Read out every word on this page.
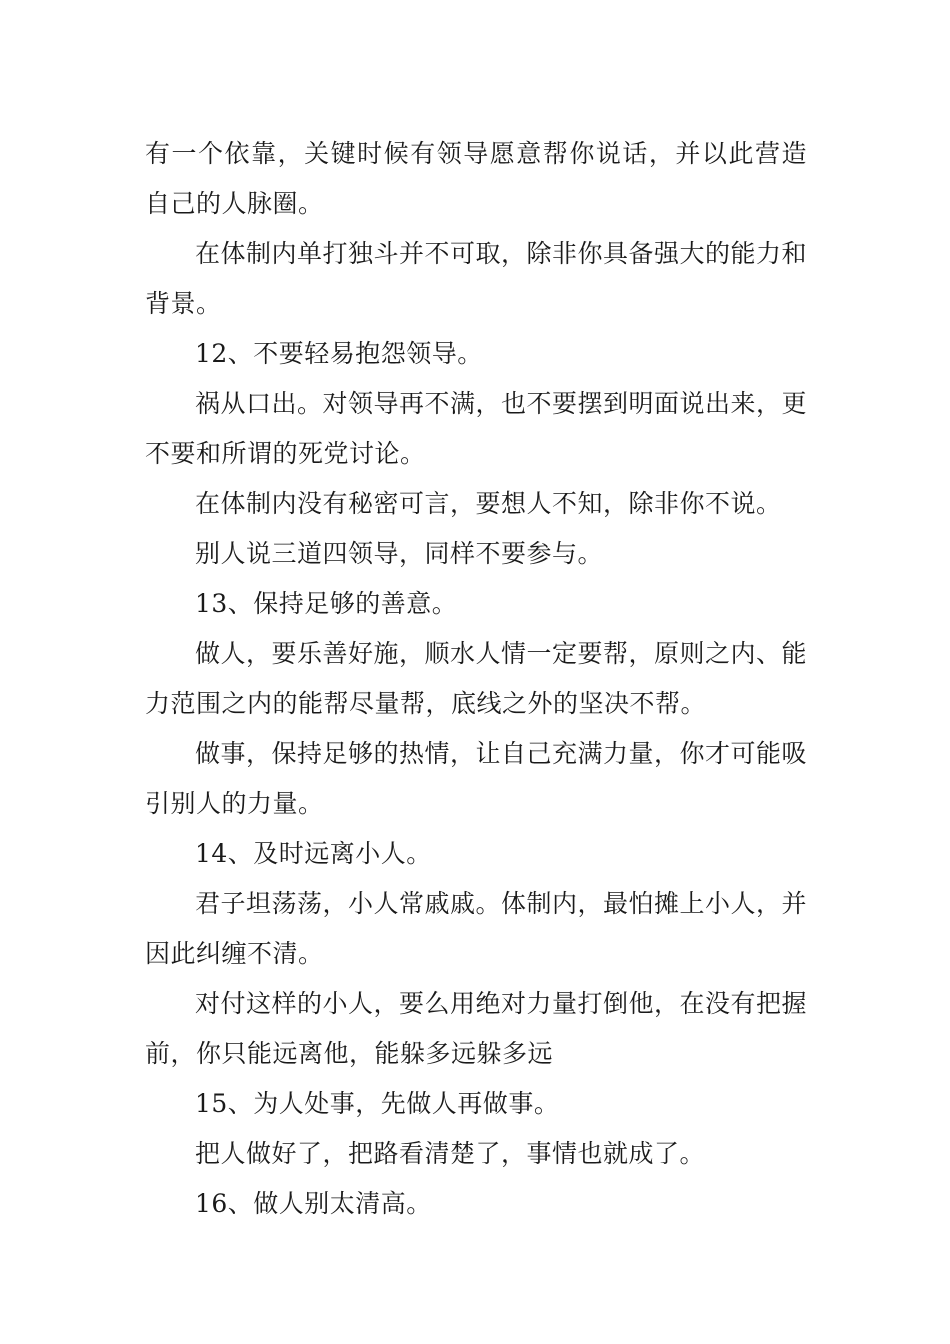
有一个依靠，关键时候有领导愿意帮你说话，并以此营造自己的人脉圈。

在体制内单打独斗并不可取，除非你具备强大的能力和背景。

12、不要轻易抱怨领导。

祸从口出。对领导再不满，也不要摆到明面说出来，更不要和所谓的死党讨论。

在体制内没有秘密可言，要想人不知，除非你不说。

别人说三道四领导，同样不要参与。

13、保持足够的善意。

做人，要乐善好施，顺水人情一定要帮，原则之内、能力范围之内的能帮尽量帮，底线之外的坚决不帮。

做事，保持足够的热情，让自己充满力量，你才可能吸引别人的力量。

14、及时远离小人。

君子坦荡荡，小人常戚戚。体制内，最怕摊上小人，并因此纠缠不清。

对付这样的小人，要么用绝对力量打倒他，在没有把握前，你只能远离他，能躲多远躲多远

15、为人处事，先做人再做事。

把人做好了，把路看清楚了，事情也就成了。

16、做人别太清高。
